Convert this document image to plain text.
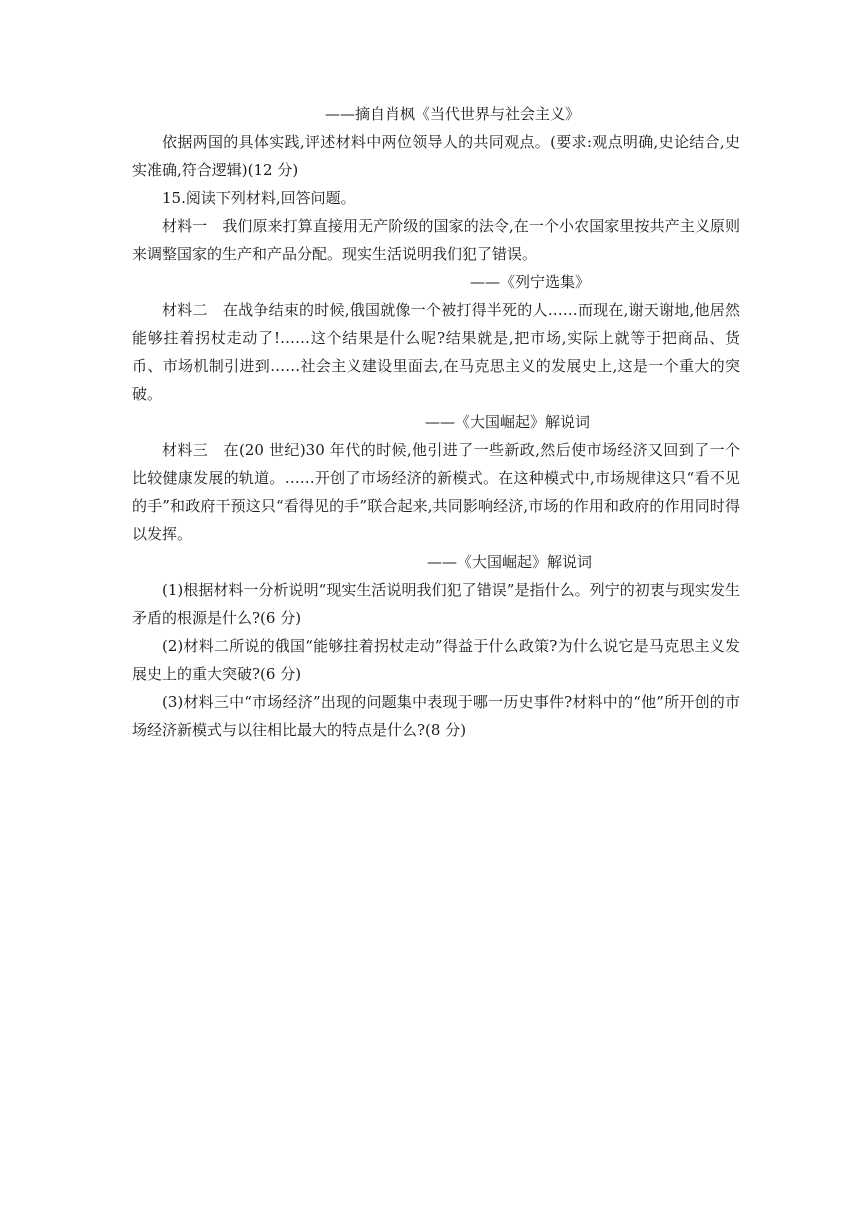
——摘自肖枫《当代世界与社会主义》

依据两国的具体实践,评述材料中两位领导人的共同观点。(要求:观点明确,史论结合,史实准确,符合逻辑)(12 分)

15.阅读下列材料,回答问题。

材料一　我们原来打算直接用无产阶级的国家的法令,在一个小农国家里按共产主义原则来调整国家的生产和产品分配。现实生活说明我们犯了错误。

——《列宁选集》

材料二　在战争结束的时候,俄国就像一个被打得半死的人……而现在,谢天谢地,他居然能够拄着拐杖走动了!……这个结果是什么呢?结果就是,把市场,实际上就等于把商品、货币、市场机制引进到……社会主义建设里面去,在马克思主义的发展史上,这是一个重大的突破。

——《大国崛起》解说词

材料三　在(20 世纪)30 年代的时候,他引进了一些新政,然后使市场经济又回到了一个比较健康发展的轨道。……开创了市场经济的新模式。在这种模式中,市场规律这只“看不见的手”和政府干预这只“看得见的手”联合起来,共同影响经济,市场的作用和政府的作用同时得以发挥。

——《大国崛起》解说词

(1)根据材料一分析说明“现实生活说明我们犯了错误”是指什么。列宁的初衷与现实发生矛盾的根源是什么?(6 分)

(2)材料二所说的俄国“能够拄着拐杖走动”得益于什么政策?为什么说它是马克思主义发展史上的重大突破?(6 分)

(3)材料三中“市场经济”出现的问题集中表现于哪一历史事件?材料中的“他”所开创的市场经济新模式与以往相比最大的特点是什么?(8 分)
